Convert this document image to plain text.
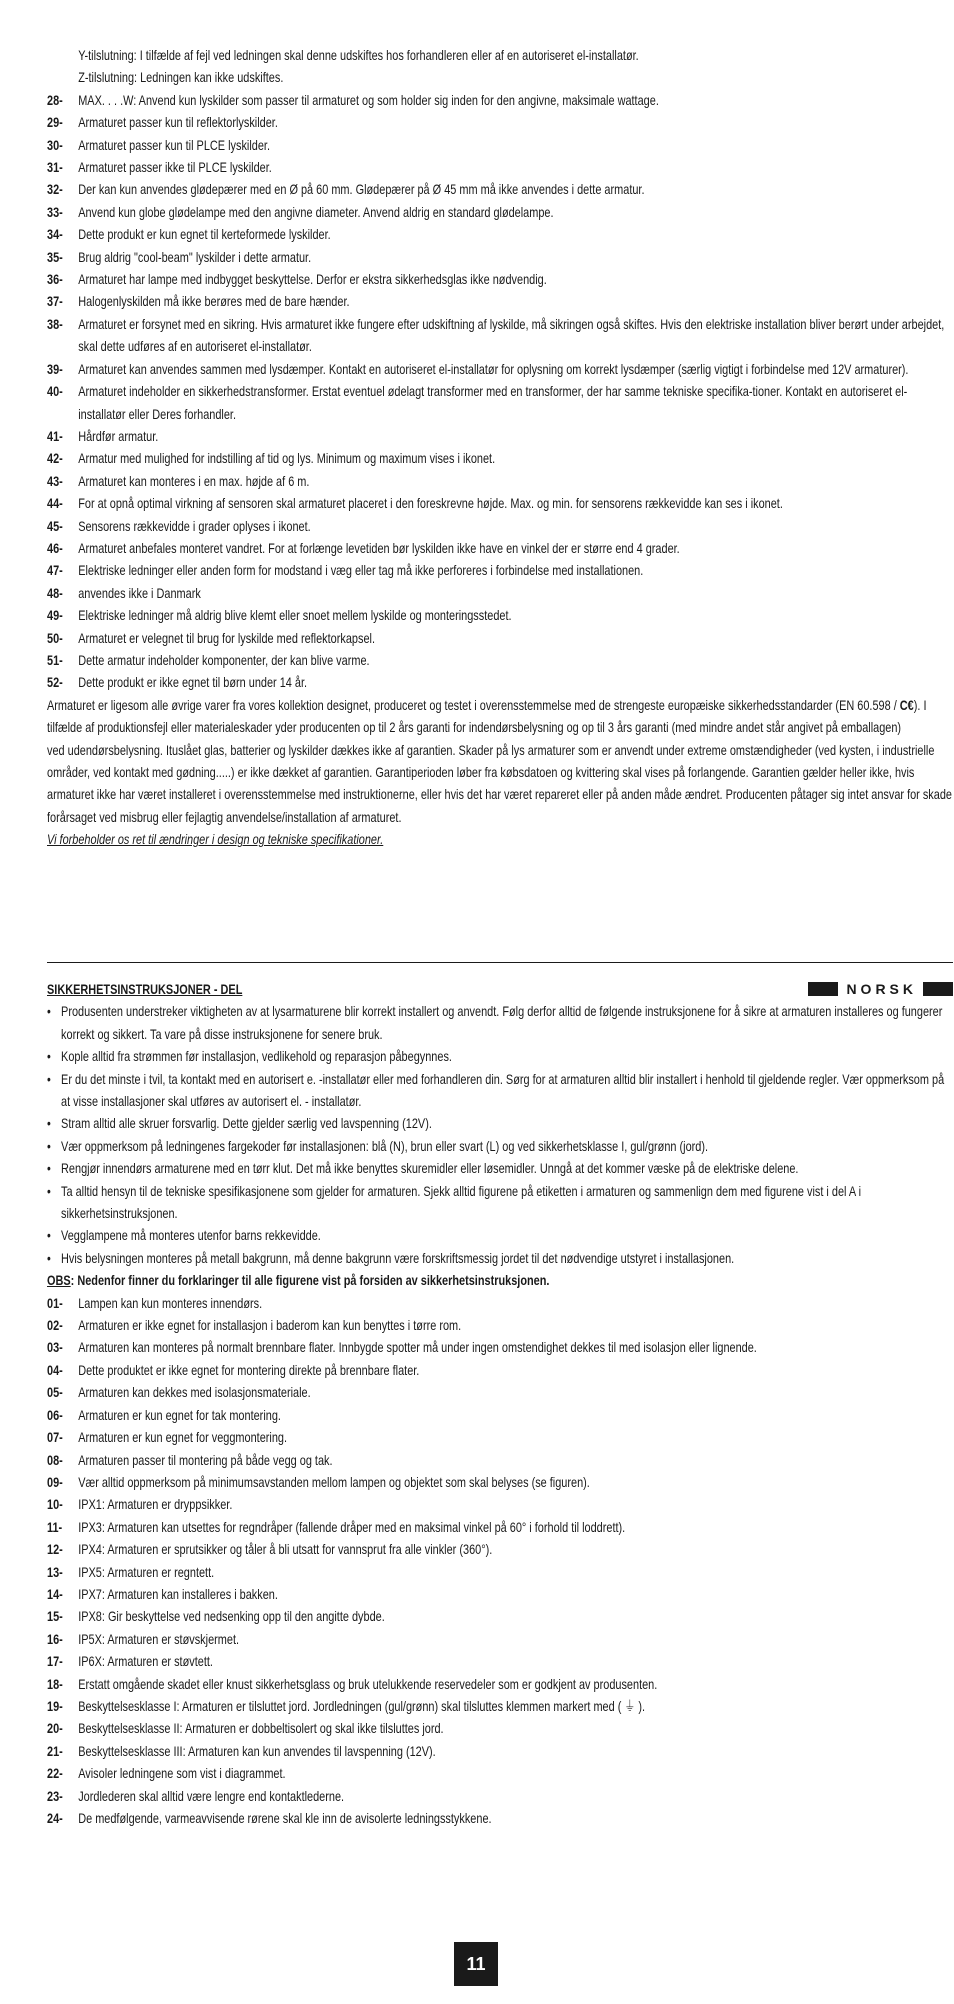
Y-tilslutning: I tilfælde af fejl ved ledningen skal denne udskiftes hos forhandleren eller af en autoriseret el-installatør.
Z-tilslutning: Ledningen kan ikke udskiftes.
28-	MAX. . . .W: Anvend kun lyskilder som passer til armaturet og som holder sig inden for den angivne, maksimale wattage.
29-	Armaturet passer kun til reflektorlyskilder.
30-	Armaturet passer kun til PLCE lyskilder.
31-	Armaturet passer ikke til PLCE lyskilder.
32-	Der kan kun anvendes glødepærer med en Ø på 60 mm. Glødepærer på Ø 45 mm må ikke anvendes i dette armatur.
33-	Anvend kun globe glødelampe med den angivne diameter. Anvend aldrig en standard glødelampe.
34-	Dette produkt er kun egnet til kerteformede lyskilder.
35-	Brug aldrig "cool-beam" lyskilder i dette armatur.
36-	Armaturet har lampe med indbygget beskyttelse. Derfor er ekstra sikkerhedsglas ikke nødvendig.
37-	Halogenlyskilden må ikke berøres med de bare hænder.
38-	Armaturet er forsynet med en sikring. Hvis armaturet ikke fungere efter udskiftning af lyskilde, må sikringen også skiftes. Hvis den elektriske installation bliver berørt under arbejdet, skal dette udføres af en autoriseret el-installatør.
39-	Armaturet kan anvendes sammen med lysdæmper. Kontakt en autoriseret el-installatør for oplysning om korrekt lysdæmper (særlig vigtigt i forbindelse med 12V armaturer).
40-	Armaturet indeholder en sikkerhedstransformer. Erstat eventuel ødelagt transformer med en transformer, der har samme tekniske specifika-tioner. Kontakt en autoriseret el-installatør eller Deres forhandler.
41-	Hårdfør armatur.
42-	Armatur med mulighed for indstilling af tid og lys. Minimum og maximum vises i ikonet.
43-	Armaturet kan monteres i en max. højde af 6 m.
44-	For at opnå optimal virkning af sensoren skal armaturet placeret i den foreskrevne højde. Max. og min. for sensorens rækkevidde kan ses i ikonet.
45-	Sensorens rækkevidde i grader oplyses i ikonet.
46-	Armaturet anbefales monteret vandret. For at forlænge levetiden bør lyskilden ikke have en vinkel der er større end 4 grader.
47-	Elektriske ledninger eller anden form for modstand i væg eller tag må ikke perforeres i forbindelse med installationen.
48-	anvendes ikke i Danmark
49-	Elektriske ledninger må aldrig blive klemt eller snoet mellem lyskilde og monteringsstedet.
50-	Armaturet er velegnet til brug for lyskilde med reflektorkapsel.
51-	Dette armatur indeholder komponenter, der kan blive varme.
52-	Dette produkt er ikke egnet til børn under 14 år.
Armaturet er ligesom alle øvrige varer fra vores kollektion designet, produceret og testet i overensstemmelse med de strengeste europæiske sikkerhedsstandarder (EN 60.598 / C€). I tilfælde af produktionsfejl eller materialeskader yder producenten op til 2 års garanti for indendørsbelysning og op til 3 års garanti (med mindre andet står angivet på emballagen)
ved udendørsbelysning. Ituslået glas, batterier og lyskilder dækkes ikke af garantien. Skader på lys armaturer som er anvendt under extreme omstændigheder (ved kysten, i industrielle områder, ved kontakt med gødning.....) er ikke dækket af garantien. Garantiperioden løber fra købsdatoen og kvittering skal vises på forlangende. Garantien gælder heller ikke, hvis armaturet ikke har været installeret i overensstemmelse med instruktionerne, eller hvis det har været repareret eller på anden måde ændret. Producenten påtager sig intet ansvar for skade forårsaget ved misbrug eller fejlagtig anvendelse/installation af armaturet.
Vi forbeholder os ret til ændringer i design og tekniske specifikationer.
SIKKERHETSINSTRUKSJONER - DEL	NORSK
• Produsenten understreker viktigheten av at lysarmaturene blir korrekt installert og anvendt. Følg derfor alltid de følgende instruksjonene for å sikre at armaturen installeres og fungerer korrekt og sikkert. Ta vare på disse instruksjonene for senere bruk.
• Kople alltid fra strømmen før installasjon, vedlikehold og reparasjon påbegynnes.
• Er du det minste i tvil, ta kontakt med en autorisert e. -installatør eller med forhandleren din. Sørg for at armaturen alltid blir installert i henhold til gjeldende regler. Vær oppmerksom på at visse installasjoner skal utføres av autorisert el. - installatør.
• Stram alltid alle skruer forsvarlig. Dette gjelder særlig ved lavspenning (12V).
• Vær oppmerksom på ledningenes fargekoder før installasjonen: blå (N), brun eller svart (L) og ved sikkerhetsklasse I, gul/grønn (jord).
• Rengjør innendørs armaturene med en tørr klut. Det må ikke benyttes skuremidler eller løsemidler. Unngå at det kommer væske på de elektriske delene.
• Ta alltid hensyn til de tekniske spesifikasjonene som gjelder for armaturen. Sjekk alltid figurene på etiketten i armaturen og sammenlign dem med figurene vist i del A i sikkerhetsinstruksjonen.
• Vegglampene må monteres utenfor barns rekkevidde.
• Hvis belysningen monteres på metall bakgrunn, må denne bakgrunn være forskriftsmessig jordet til det nødvendige utstyret i installasjonen.
OBS: Nedenfor finner du forklaringer til alle figurene vist på forsiden av sikkerhetsinstruksjonen.
01-	Lampen kan kun monteres innendørs.
02-	Armaturen er ikke egnet for installasjon i baderom kan kun benyttes i tørre rom.
03-	Armaturen kan monteres på normalt brennbare flater. Innbygde spotter må under ingen omstendighet dekkes til med isolasjon eller lignende.
04-	Dette produktet er ikke egnet for montering direkte på brennbare flater.
05-	Armaturen kan dekkes med isolasjonsmateriale.
06-	Armaturen er kun egnet for tak montering.
07-	Armaturen er kun egnet for veggmontering.
08-	Armaturen passer til montering på både vegg og tak.
09-	Vær alltid oppmerksom på minimumsavstanden mellom lampen og objektet som skal belyses (se figuren).
10-	IPX1: Armaturen er dryppsikker.
11-	IPX3: Armaturen kan utsettes for regndråper (fallende dråper med en maksimal vinkel på 60° i forhold til loddrett).
12-	IPX4: Armaturen er sprutsikker og tåler å bli utsatt for vannsprut fra alle vinkler (360°).
13-	IPX5: Armaturen er regntett.
14-	IPX7: Armaturen kan installeres i bakken.
15-	IPX8: Gir beskyttelse ved nedsenking opp til den angitte dybde.
16-	IP5X: Armaturen er støvskjermet.
17-	IP6X: Armaturen er støvtett.
18-	Erstatt omgående skadet eller knust sikkerhetsglass og bruk utelukkende reservedeler som er godkjent av produsenten.
19-	Beskyttelsesklasse I: Armaturen er tilsluttet jord. Jordledningen (gul/grønn) skal tilsluttes klemmen markert med ( ⏚ ).
20-	Beskyttelsesklasse II: Armaturen er dobbeltisolert og skal ikke tilsluttes jord.
21-	Beskyttelsesklasse III: Armaturen kan kun anvendes til lavspenning (12V).
22-	Avisoler ledningene som vist i diagrammet.
23-	Jordlederen skal alltid være lengre end kontaktlederne.
24-	De medfølgende, varmeavvisende rørene skal kle inn de avisolerte ledningsstykkene.
11
